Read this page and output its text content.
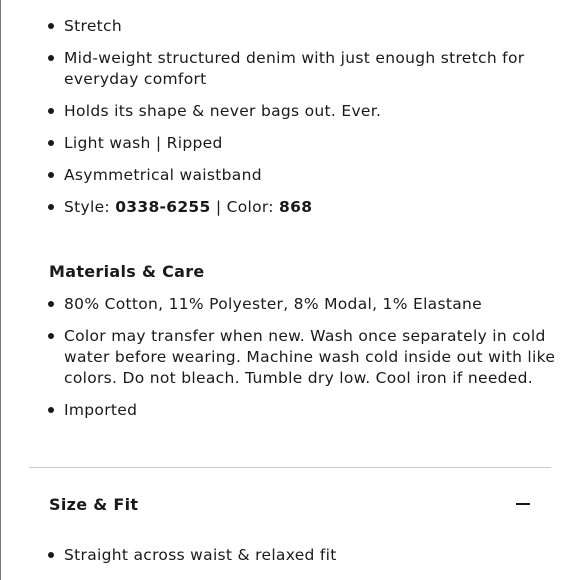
Stretch
Mid-weight structured denim with just enough stretch for everyday comfort
Holds its shape & never bags out. Ever.
Light wash | Ripped
Asymmetrical waistband
Style: 0338-6255 | Color: 868
Materials & Care
80% Cotton, 11% Polyester, 8% Modal, 1% Elastane
Color may transfer when new. Wash once separately in cold water before wearing. Machine wash cold inside out with like colors. Do not bleach. Tumble dry low. Cool iron if needed.
Imported
Size & Fit
Straight across waist & relaxed fit
